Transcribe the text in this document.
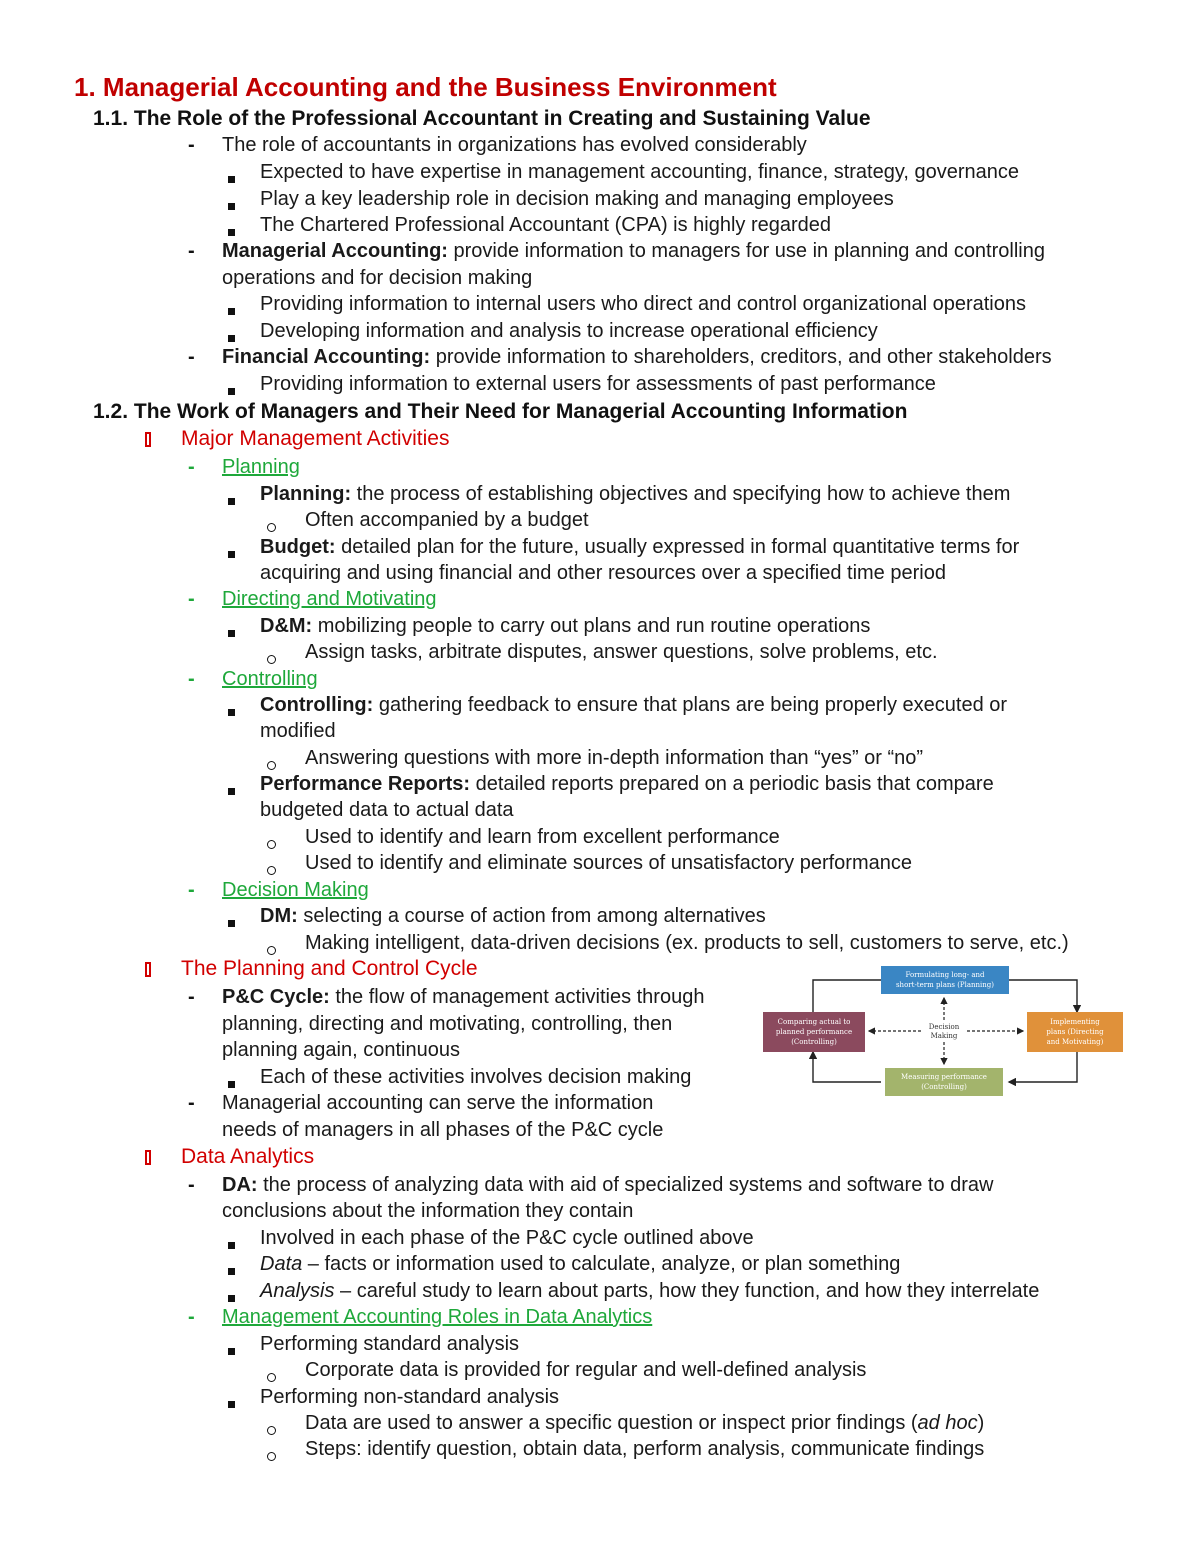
1. Managerial Accounting and the Business Environment
1.1. The Role of the Professional Accountant in Creating and Sustaining Value
- The role of accountants in organizations has evolved considerably
Expected to have expertise in management accounting, finance, strategy, governance
Play a key leadership role in decision making and managing employees
The Chartered Professional Accountant (CPA) is highly regarded
- Managerial Accounting: provide information to managers for use in planning and controlling
operations and for decision making
Providing information to internal users who direct and control organizational operations
Developing information and analysis to increase operational efficiency
- Financial Accounting: provide information to shareholders, creditors, and other stakeholders
Providing information to external users for assessments of past performance
1.2. The Work of Managers and Their Need for Managerial Accounting Information
Major Management Activities
- Planning
Planning: the process of establishing objectives and specifying how to achieve them
Often accompanied by a budget
Budget: detailed plan for the future, usually expressed in formal quantitative terms for
acquiring and using financial and other resources over a specified time period
- Directing and Motivating
D&M: mobilizing people to carry out plans and run routine operations
Assign tasks, arbitrate disputes, answer questions, solve problems, etc.
- Controlling
Controlling: gathering feedback to ensure that plans are being properly executed or
modified
Answering questions with more in-depth information than “yes” or “no”
Performance Reports: detailed reports prepared on a periodic basis that compare
budgeted data to actual data
Used to identify and learn from excellent performance
Used to identify and eliminate sources of unsatisfactory performance
- Decision Making
DM: selecting a course of action from among alternatives
Making intelligent, data-driven decisions (ex. products to sell, customers to serve, etc.)
The Planning and Control Cycle
- P&C Cycle: the flow of management activities through
planning, directing and motivating, controlling, then
planning again, continuous
Each of these activities involves decision making
- Managerial accounting can serve the information
needs of managers in all phases of the P&C cycle
Formulating long- and
short-term plans (Planning)
Comparing actual to
planned performance
(Controlling)
Implementing
plans (Directing
and Motivating)
Measuring performance
(Controlling)
Decision
Making
Data Analytics
- DA: the process of analyzing data with aid of specialized systems and software to draw
conclusions about the information they contain
Involved in each phase of the P&C cycle outlined above
Data – facts or information used to calculate, analyze, or plan something
Analysis – careful study to learn about parts, how they function, and how they interrelate
- Management Accounting Roles in Data Analytics
Performing standard analysis
Corporate data is provided for regular and well-defined analysis
Performing non-standard analysis
Data are used to answer a specific question or inspect prior findings (ad hoc)
Steps: identify question, obtain data, perform analysis, communicate findings
